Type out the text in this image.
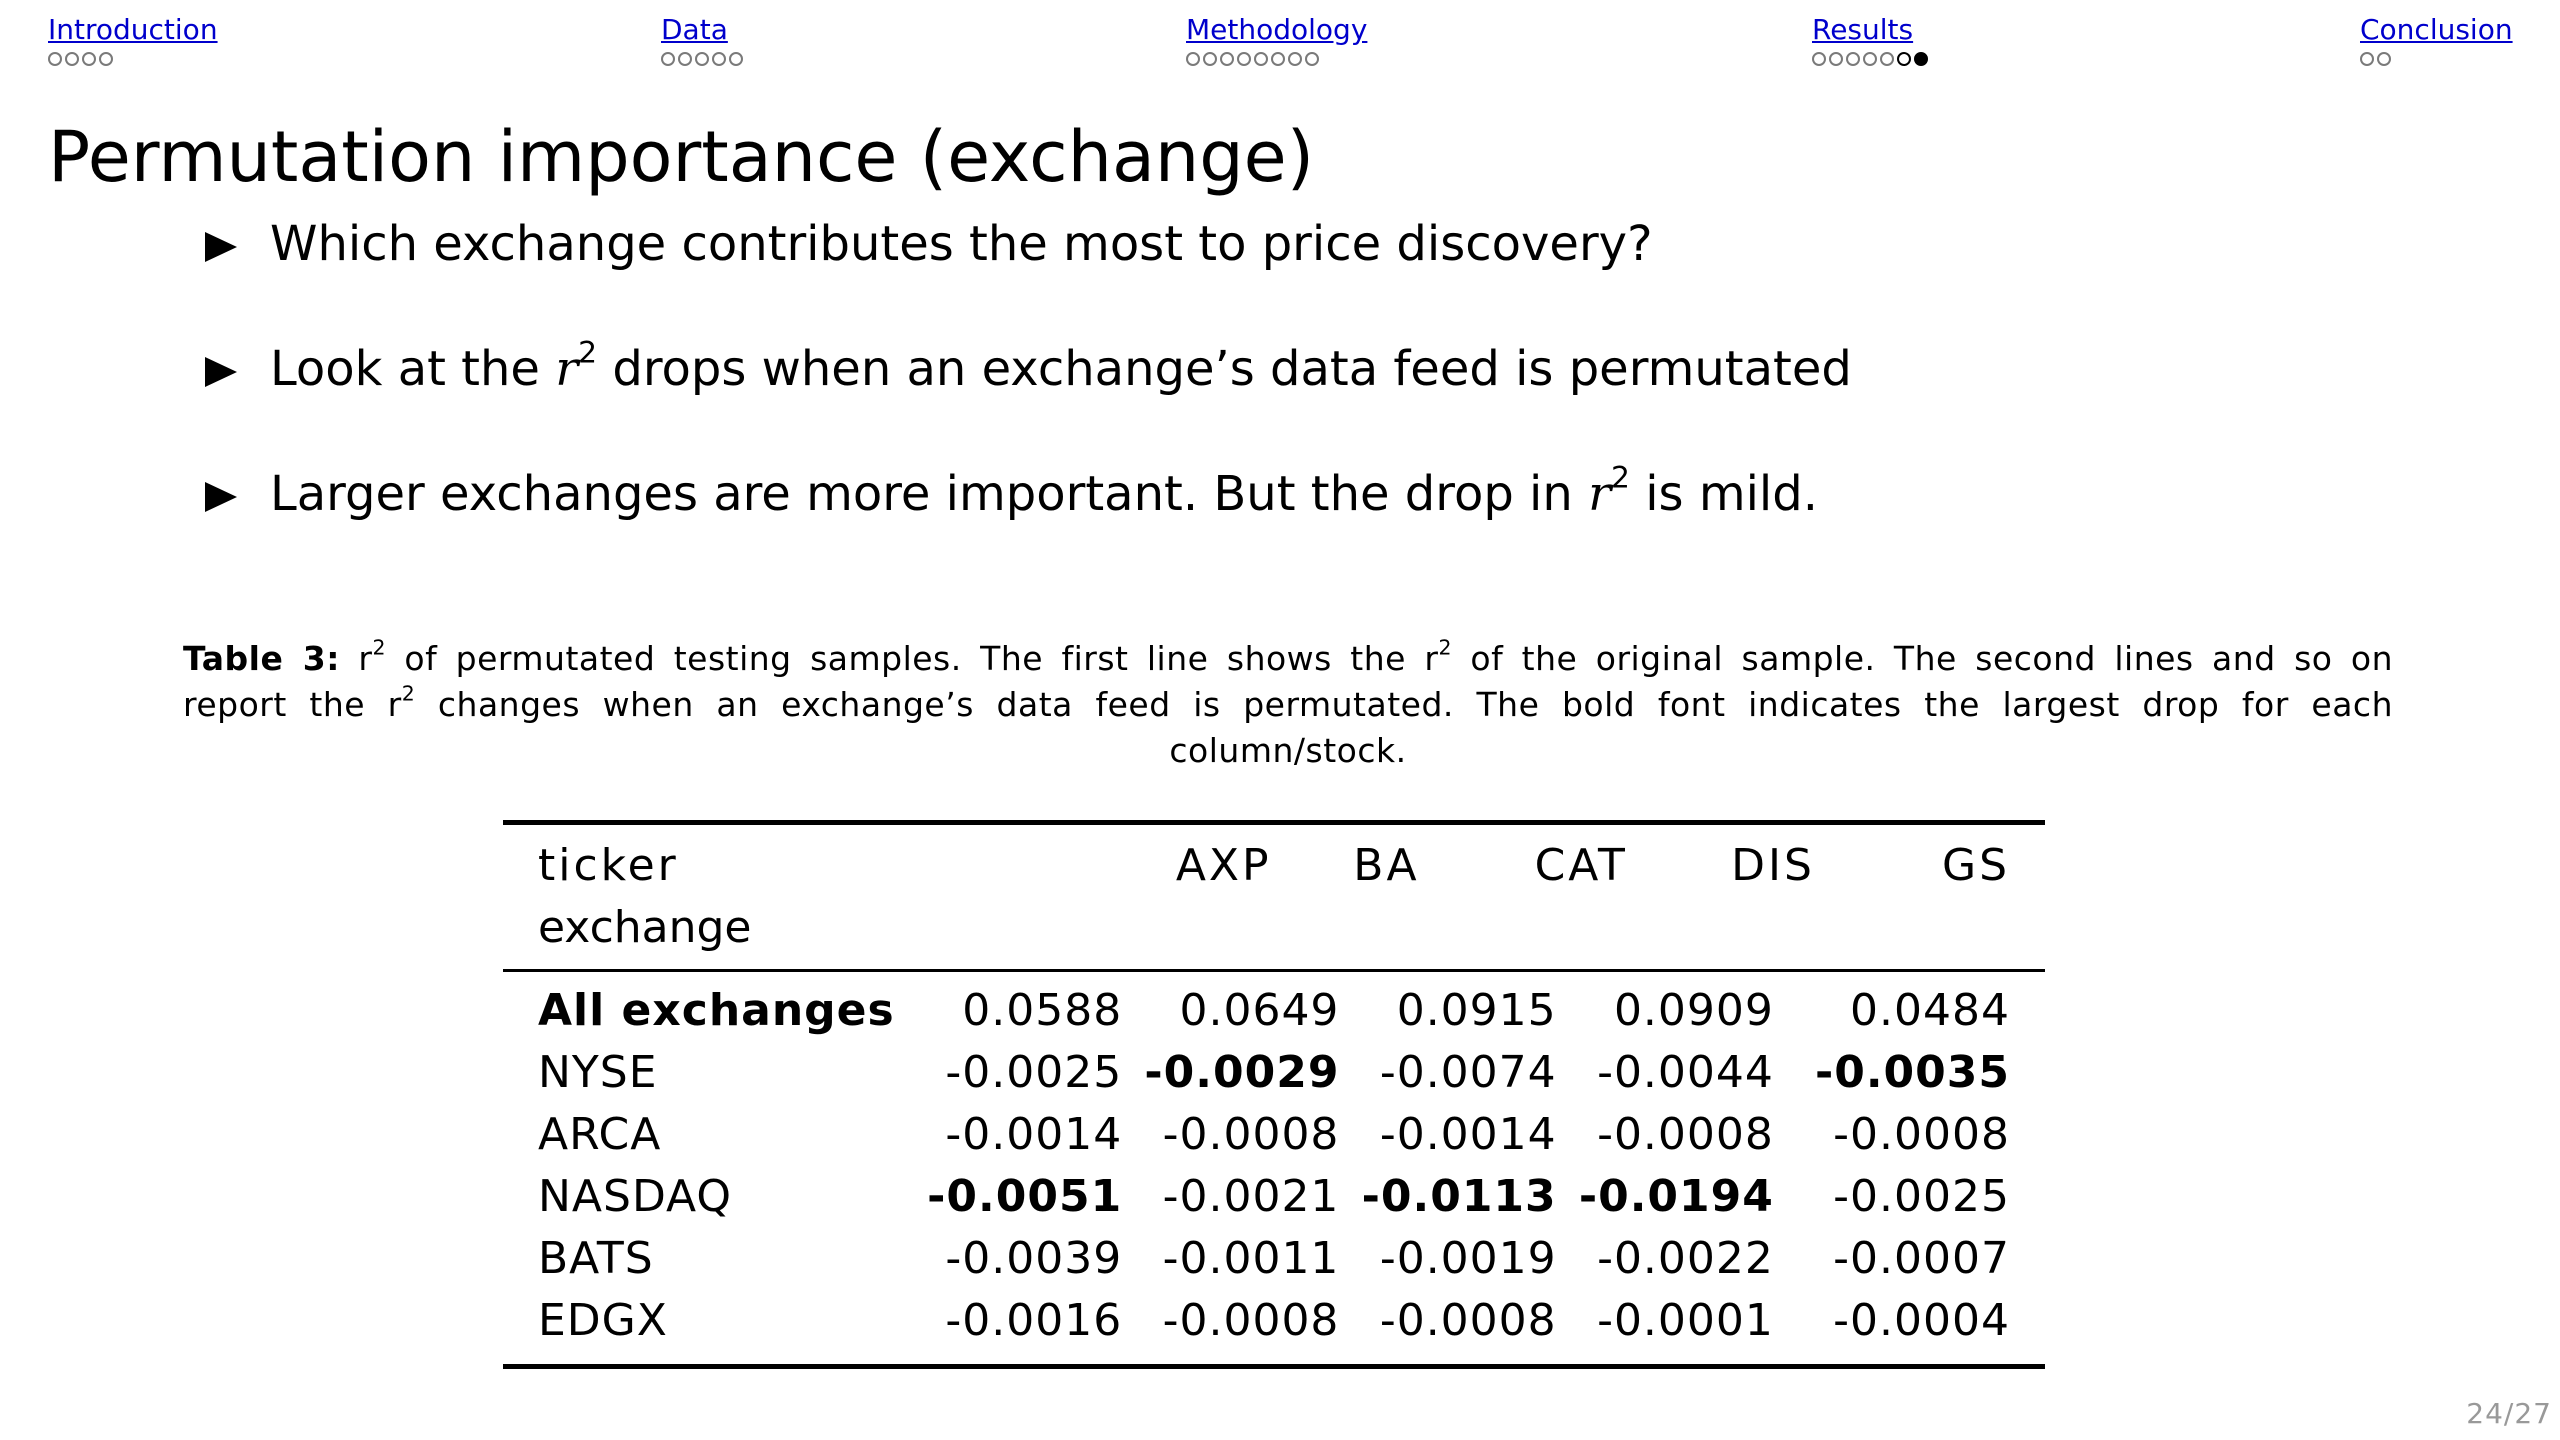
Introduction	Data	Methodology	Results	Conclusion
Permutation importance (exchange)
Which exchange contributes the most to price discovery?
Look at the $r^2$ drops when an exchange’s data feed is permutated
Larger exchanges are more important. But the drop in $r^2$ is mild.

Table 3: $r^2$ of permutated testing samples. The first line shows the $r^2$ of the original sample. The second lines and so on
report the $r^2$ changes when an exchange’s data feed is permutated. The bold font indicates the largest drop for each
column/stock.

ticker	AXP	BA	CAT	DIS	GS
exchange					
All exchanges	0.0588	0.0649	0.0915	0.0909	0.0484
NYSE	-0.0025	-0.0029	-0.0074	-0.0044	-0.0035
ARCA	-0.0014	-0.0008	-0.0014	-0.0008	-0.0008
NASDAQ	-0.0051	-0.0021	-0.0113	-0.0194	-0.0025
BATS	-0.0039	-0.0011	-0.0019	-0.0022	-0.0007
EDGX	-0.0016	-0.0008	-0.0008	-0.0001	-0.0004
24/27
